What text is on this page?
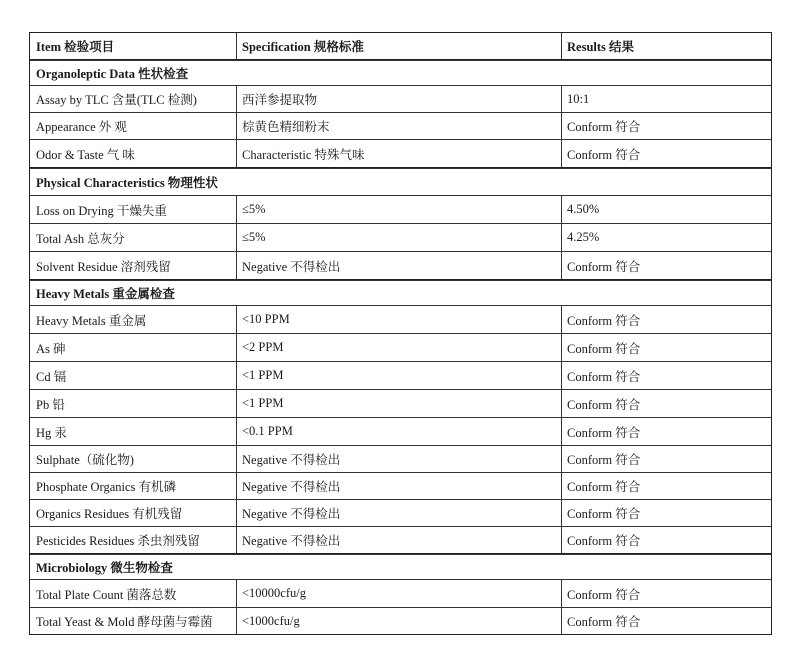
Item 检验项目	Specification 规格标准	Results 结果
Organoleptic Data 性状检查
Assay by TLC 含量(TLC 检测)	西洋参提取物	10:1
Appearance 外 观	棕黄色精细粉末	Conform 符合
Odor & Taste 气 味	Characteristic 特殊气味	Conform 符合
Physical Characteristics 物理性状
Loss on Drying 干燥失重	≤5%	4.50%
Total Ash 总灰分	≤5%	4.25%
Solvent Residue 溶剂残留	Negative 不得检出	Conform 符合
Heavy Metals 重金属检查
Heavy Metals 重金属	<10 PPM	Conform 符合
As 砷	<2 PPM	Conform 符合
Cd 镉	<1 PPM	Conform 符合
Pb 铅	<1 PPM	Conform 符合
Hg 汞	<0.1 PPM	Conform 符合
Sulphate（硫化物)	Negative 不得检出	Conform 符合
Phosphate Organics 有机磷	Negative 不得检出	Conform 符合
Organics Residues 有机残留	Negative 不得检出	Conform 符合
Pesticides Residues 杀虫剂残留	Negative 不得检出	Conform 符合
Microbiology 微生物检查
Total Plate Count 菌落总数	<10000cfu/g	Conform 符合
Total Yeast & Mold 酵母菌与霉菌	<1000cfu/g	Conform 符合
